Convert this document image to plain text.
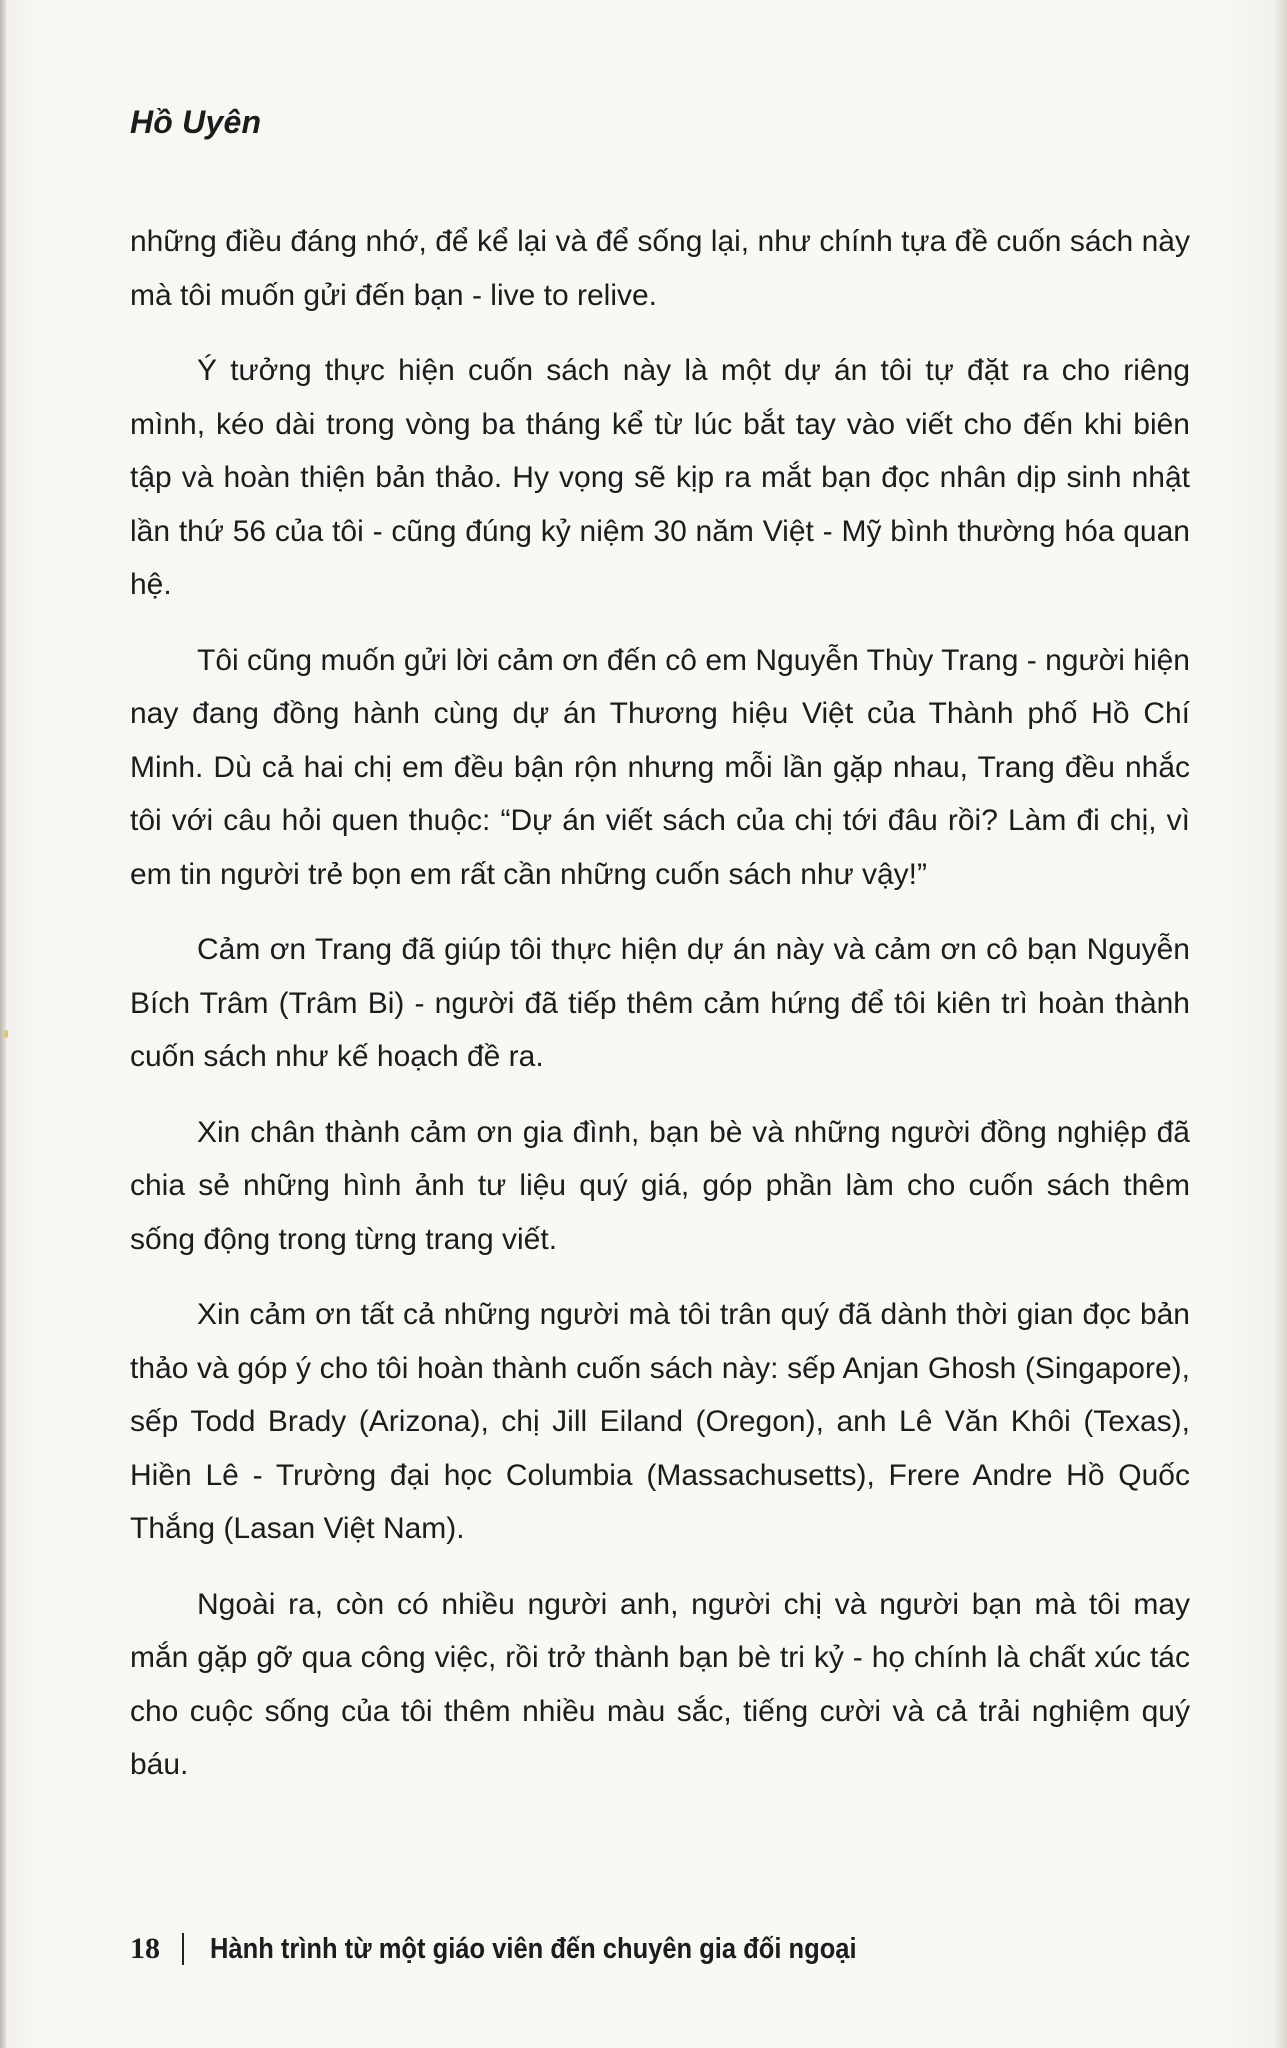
Hồ Uyên

những điều đáng nhớ, để kể lại và để sống lại, như chính tựa đề cuốn sách này mà tôi muốn gửi đến bạn - live to relive.

Ý tưởng thực hiện cuốn sách này là một dự án tôi tự đặt ra cho riêng mình, kéo dài trong vòng ba tháng kể từ lúc bắt tay vào viết cho đến khi biên tập và hoàn thiện bản thảo. Hy vọng sẽ kịp ra mắt bạn đọc nhân dịp sinh nhật lần thứ 56 của tôi - cũng đúng kỷ niệm 30 năm Việt - Mỹ bình thường hóa quan hệ.

Tôi cũng muốn gửi lời cảm ơn đến cô em Nguyễn Thùy Trang - người hiện nay đang đồng hành cùng dự án Thương hiệu Việt của Thành phố Hồ Chí Minh. Dù cả hai chị em đều bận rộn nhưng mỗi lần gặp nhau, Trang đều nhắc tôi với câu hỏi quen thuộc: “Dự án viết sách của chị tới đâu rồi? Làm đi chị, vì em tin người trẻ bọn em rất cần những cuốn sách như vậy!”

Cảm ơn Trang đã giúp tôi thực hiện dự án này và cảm ơn cô bạn Nguyễn Bích Trâm (Trâm Bi) - người đã tiếp thêm cảm hứng để tôi kiên trì hoàn thành cuốn sách như kế hoạch đề ra.

Xin chân thành cảm ơn gia đình, bạn bè và những người đồng nghiệp đã chia sẻ những hình ảnh tư liệu quý giá, góp phần làm cho cuốn sách thêm sống động trong từng trang viết.

Xin cảm ơn tất cả những người mà tôi trân quý đã dành thời gian đọc bản thảo và góp ý cho tôi hoàn thành cuốn sách này: sếp Anjan Ghosh (Singapore), sếp Todd Brady (Arizona), chị Jill Eiland (Oregon), anh Lê Văn Khôi (Texas), Hiền Lê - Trường đại học Columbia (Massachusetts), Frere Andre Hồ Quốc Thắng (Lasan Việt Nam).

Ngoài ra, còn có nhiều người anh, người chị và người bạn mà tôi may mắn gặp gỡ qua công việc, rồi trở thành bạn bè tri kỷ - họ chính là chất xúc tác cho cuộc sống của tôi thêm nhiều màu sắc, tiếng cười và cả trải nghiệm quý báu.

18 Hành trình từ một giáo viên đến chuyên gia đối ngoại
